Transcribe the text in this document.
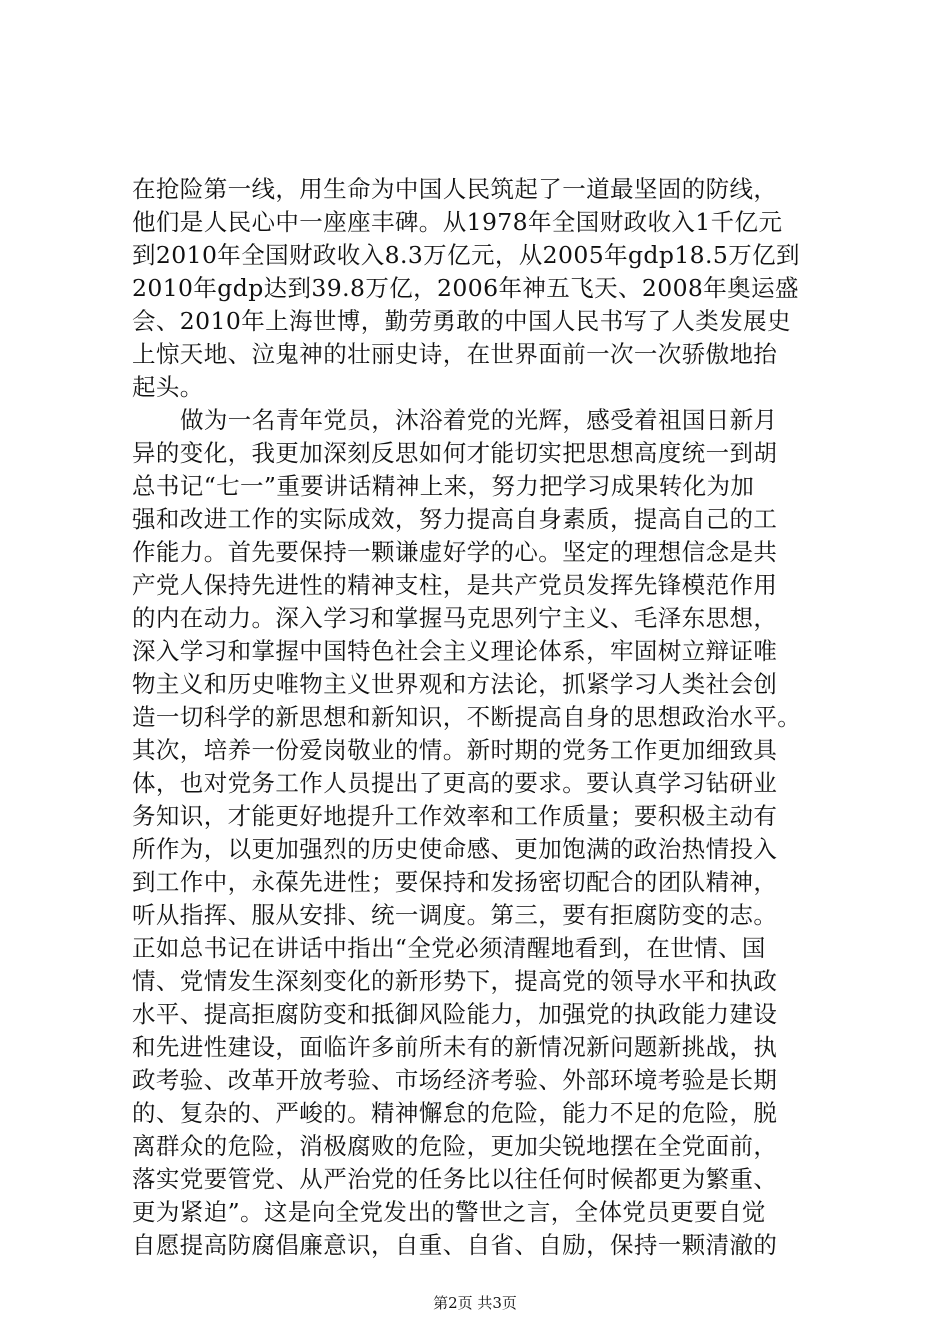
在抢险第一线，用生命为中国人民筑起了一道最坚固的防线，
他们是人民心中一座座丰碑。从1978年全国财政收入1千亿元
到2010年全国财政收入8.3万亿元，从2005年gdp18.5万亿到
2010年gdp达到39.8万亿，2006年神五飞天、2008年奥运盛
会、2010年上海世博，勤劳勇敢的中国人民书写了人类发展史
上惊天地、泣鬼神的壮丽史诗，在世界面前一次一次骄傲地抬
起头。
做为一名青年党员，沐浴着党的光辉，感受着祖国日新月
异的变化，我更加深刻反思如何才能切实把思想高度统一到胡
总书记“七一”重要讲话精神上来，努力把学习成果转化为加
强和改进工作的实际成效，努力提高自身素质，提高自己的工
作能力。首先要保持一颗谦虚好学的心。坚定的理想信念是共
产党人保持先进性的精神支柱，是共产党员发挥先锋模范作用
的内在动力。深入学习和掌握马克思列宁主义、毛泽东思想，
深入学习和掌握中国特色社会主义理论体系，牢固树立辩证唯
物主义和历史唯物主义世界观和方法论，抓紧学习人类社会创
造一切科学的新思想和新知识，不断提高自身的思想政治水平。
其次，培养一份爱岗敬业的情。新时期的党务工作更加细致具
体，也对党务工作人员提出了更高的要求。要认真学习钻研业
务知识，才能更好地提升工作效率和工作质量；要积极主动有
所作为，以更加强烈的历史使命感、更加饱满的政治热情投入
到工作中，永葆先进性；要保持和发扬密切配合的团队精神，
听从指挥、服从安排、统一调度。第三，要有拒腐防变的志。
正如总书记在讲话中指出“全党必须清醒地看到，在世情、国
情、党情发生深刻变化的新形势下，提高党的领导水平和执政
水平、提高拒腐防变和抵御风险能力，加强党的执政能力建设
和先进性建设，面临许多前所未有的新情况新问题新挑战，执
政考验、改革开放考验、市场经济考验、外部环境考验是长期
的、复杂的、严峻的。精神懈怠的危险，能力不足的危险，脱
离群众的危险，消极腐败的危险，更加尖锐地摆在全党面前，
落实党要管党、从严治党的任务比以往任何时候都更为繁重、
更为紧迫”。这是向全党发出的警世之言，全体党员更要自觉
自愿提高防腐倡廉意识，自重、自省、自励，保持一颗清澈的
第2页 共3页
